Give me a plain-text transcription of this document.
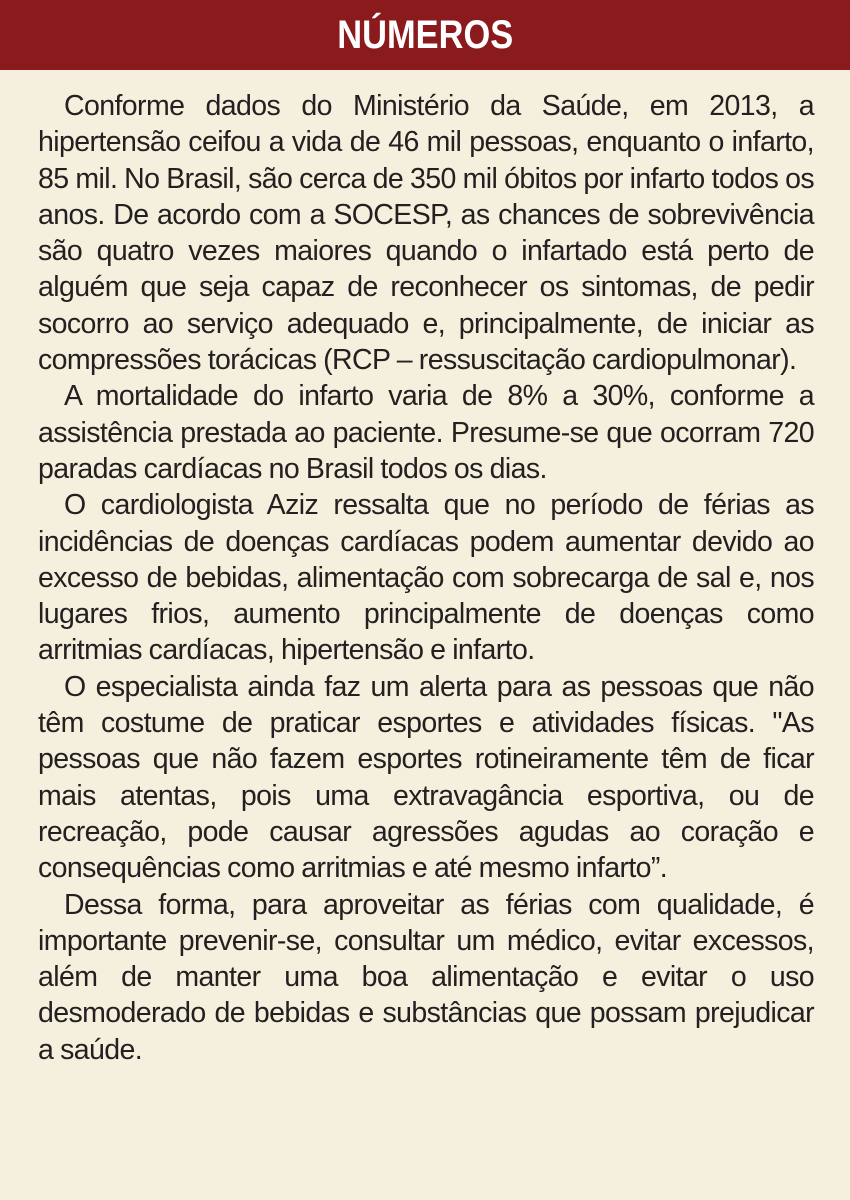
NÚMEROS

Conforme dados do Ministério da Saúde, em 2013, a hipertensão ceifou a vida de 46 mil pessoas, enquanto o infarto, 85 mil. No Brasil, são cerca de 350 mil óbitos por infarto todos os anos. De acordo com a SOCESP, as chances de sobrevivência são quatro vezes maiores quando o infartado está perto de alguém que seja capaz de reconhecer os sintomas, de pedir socorro ao serviço adequado e, principalmente, de iniciar as compressões torácicas (RCP – ressuscitação cardiopulmonar).

A mortalidade do infarto varia de 8% a 30%, conforme a assistência prestada ao paciente. Presume-se que ocorram 720 paradas cardíacas no Brasil todos os dias.

O cardiologista Aziz ressalta que no período de férias as incidências de doenças cardíacas podem aumentar devido ao excesso de bebidas, alimentação com sobrecarga de sal e, nos lugares frios, aumento principalmente de doenças como arritmias cardíacas, hipertensão e infarto.

O especialista ainda faz um alerta para as pessoas que não têm costume de praticar esportes e atividades físicas. "As pessoas que não fazem esportes rotineiramente têm de ficar mais atentas, pois uma extravagância esportiva, ou de recreação, pode causar agressões agudas ao coração e consequências como arritmias e até mesmo infarto”.

Dessa forma, para aproveitar as férias com qualidade, é importante prevenir-se, consultar um médico, evitar excessos, além de manter uma boa alimentação e evitar o uso desmoderado de bebidas e substâncias que possam prejudicar a saúde.
